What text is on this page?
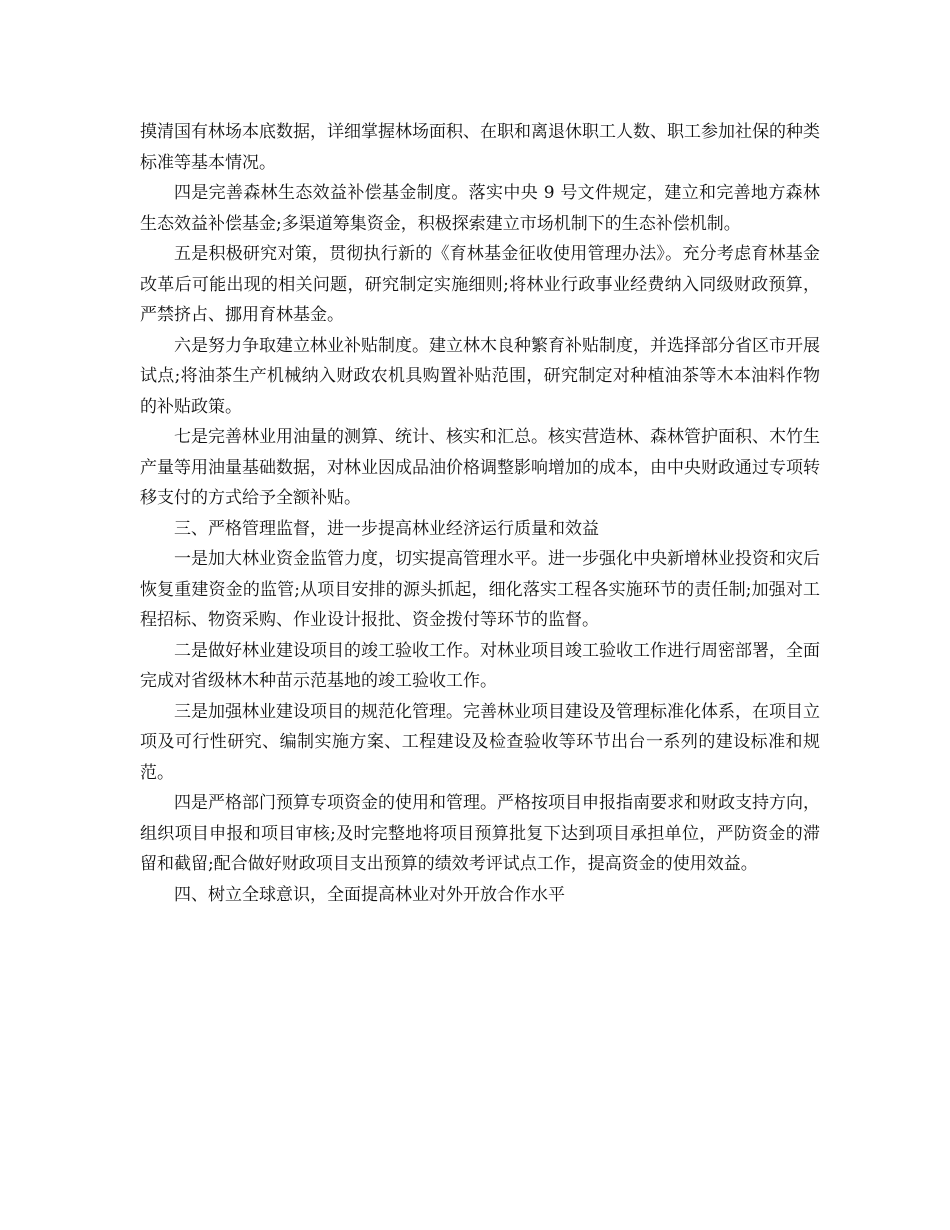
摸清国有林场本底数据，详细掌握林场面积、在职和离退休职工人数、职工参加社保的种类标准等基本情况。

四是完善森林生态效益补偿基金制度。落实中央 9 号文件规定，建立和完善地方森林生态效益补偿基金;多渠道筹集资金，积极探索建立市场机制下的生态补偿机制。

五是积极研究对策，贯彻执行新的《育林基金征收使用管理办法》。充分考虑育林基金改革后可能出现的相关问题，研究制定实施细则;将林业行政事业经费纳入同级财政预算，严禁挤占、挪用育林基金。

六是努力争取建立林业补贴制度。建立林木良种繁育补贴制度，并选择部分省区市开展试点;将油茶生产机械纳入财政农机具购置补贴范围，研究制定对种植油茶等木本油料作物的补贴政策。

七是完善林业用油量的测算、统计、核实和汇总。核实营造林、森林管护面积、木竹生产量等用油量基础数据，对林业因成品油价格调整影响增加的成本，由中央财政通过专项转移支付的方式给予全额补贴。

三、严格管理监督，进一步提高林业经济运行质量和效益

一是加大林业资金监管力度，切实提高管理水平。进一步强化中央新增林业投资和灾后恢复重建资金的监管;从项目安排的源头抓起，细化落实工程各实施环节的责任制;加强对工程招标、物资采购、作业设计报批、资金拨付等环节的监督。

二是做好林业建设项目的竣工验收工作。对林业项目竣工验收工作进行周密部署，全面完成对省级林木种苗示范基地的竣工验收工作。

三是加强林业建设项目的规范化管理。完善林业项目建设及管理标准化体系，在项目立项及可行性研究、编制实施方案、工程建设及检查验收等环节出台一系列的建设标准和规范。

四是严格部门预算专项资金的使用和管理。严格按项目申报指南要求和财政支持方向，组织项目申报和项目审核;及时完整地将项目预算批复下达到项目承担单位，严防资金的滞留和截留;配合做好财政项目支出预算的绩效考评试点工作，提高资金的使用效益。

四、树立全球意识，全面提高林业对外开放合作水平
